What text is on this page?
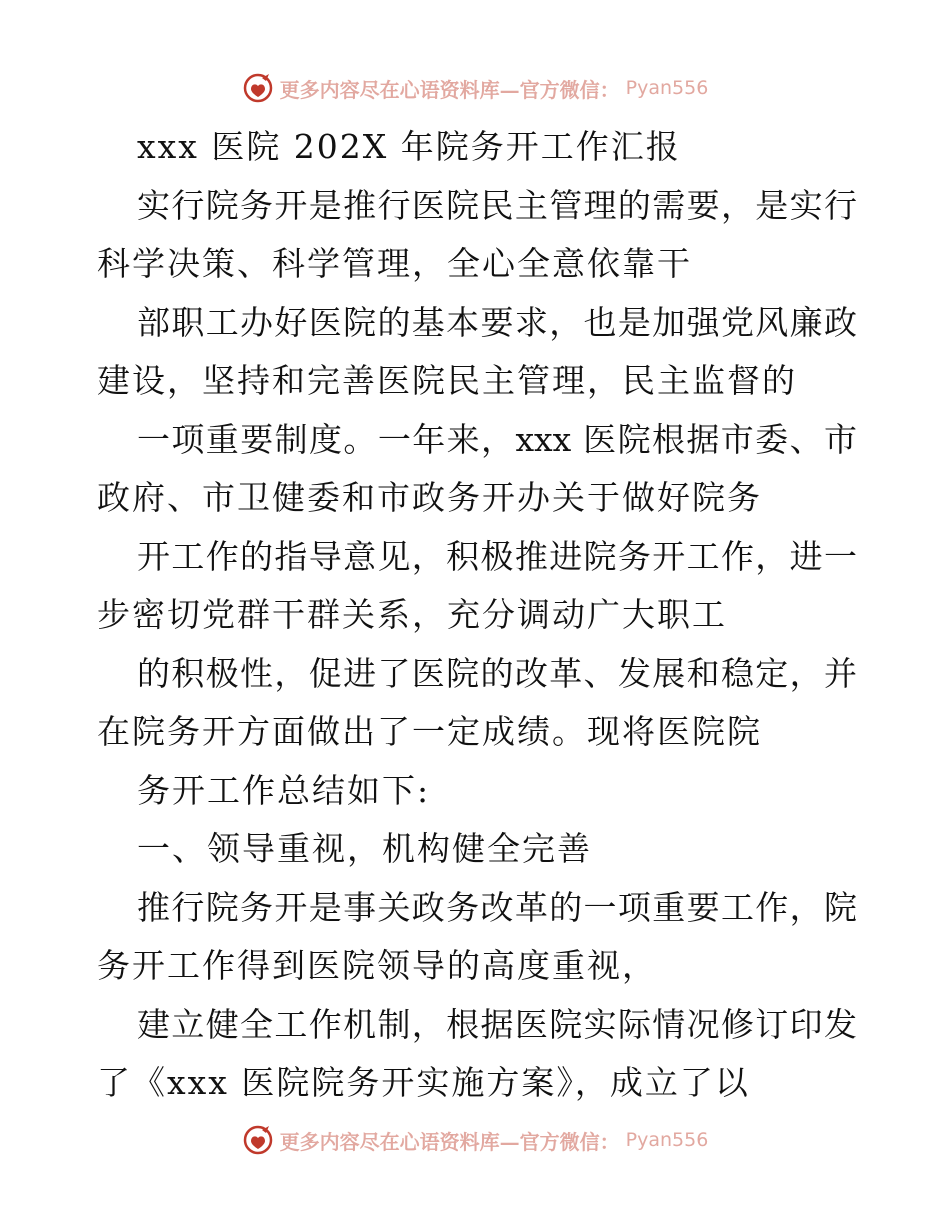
更多内容尽在心语资料库—官方微信： Pyan556
xxx 医院 202X 年院务开工作汇报
实行院务开是推行医院民主管理的需要，是实行
科学决策、科学管理，全心全意依靠干
部职工办好医院的基本要求，也是加强党风廉政
建设，坚持和完善医院民主管理，民主监督的
一项重要制度。一年来，xxx 医院根据市委、市
政府、市卫健委和市政务开办关于做好院务
开工作的指导意见，积极推进院务开工作，进一
步密切党群干群关系，充分调动广大职工
的积极性，促进了医院的改革、发展和稳定，并
在院务开方面做出了一定成绩。现将医院院
务开工作总结如下:
一、领导重视，机构健全完善
推行院务开是事关政务改革的一项重要工作，院
务开工作得到医院领导的高度重视，
建立健全工作机制，根据医院实际情况修订印发
了《xxx 医院院务开实施方案》，成立了以
更多内容尽在心语资料库—官方微信： Pyan556
